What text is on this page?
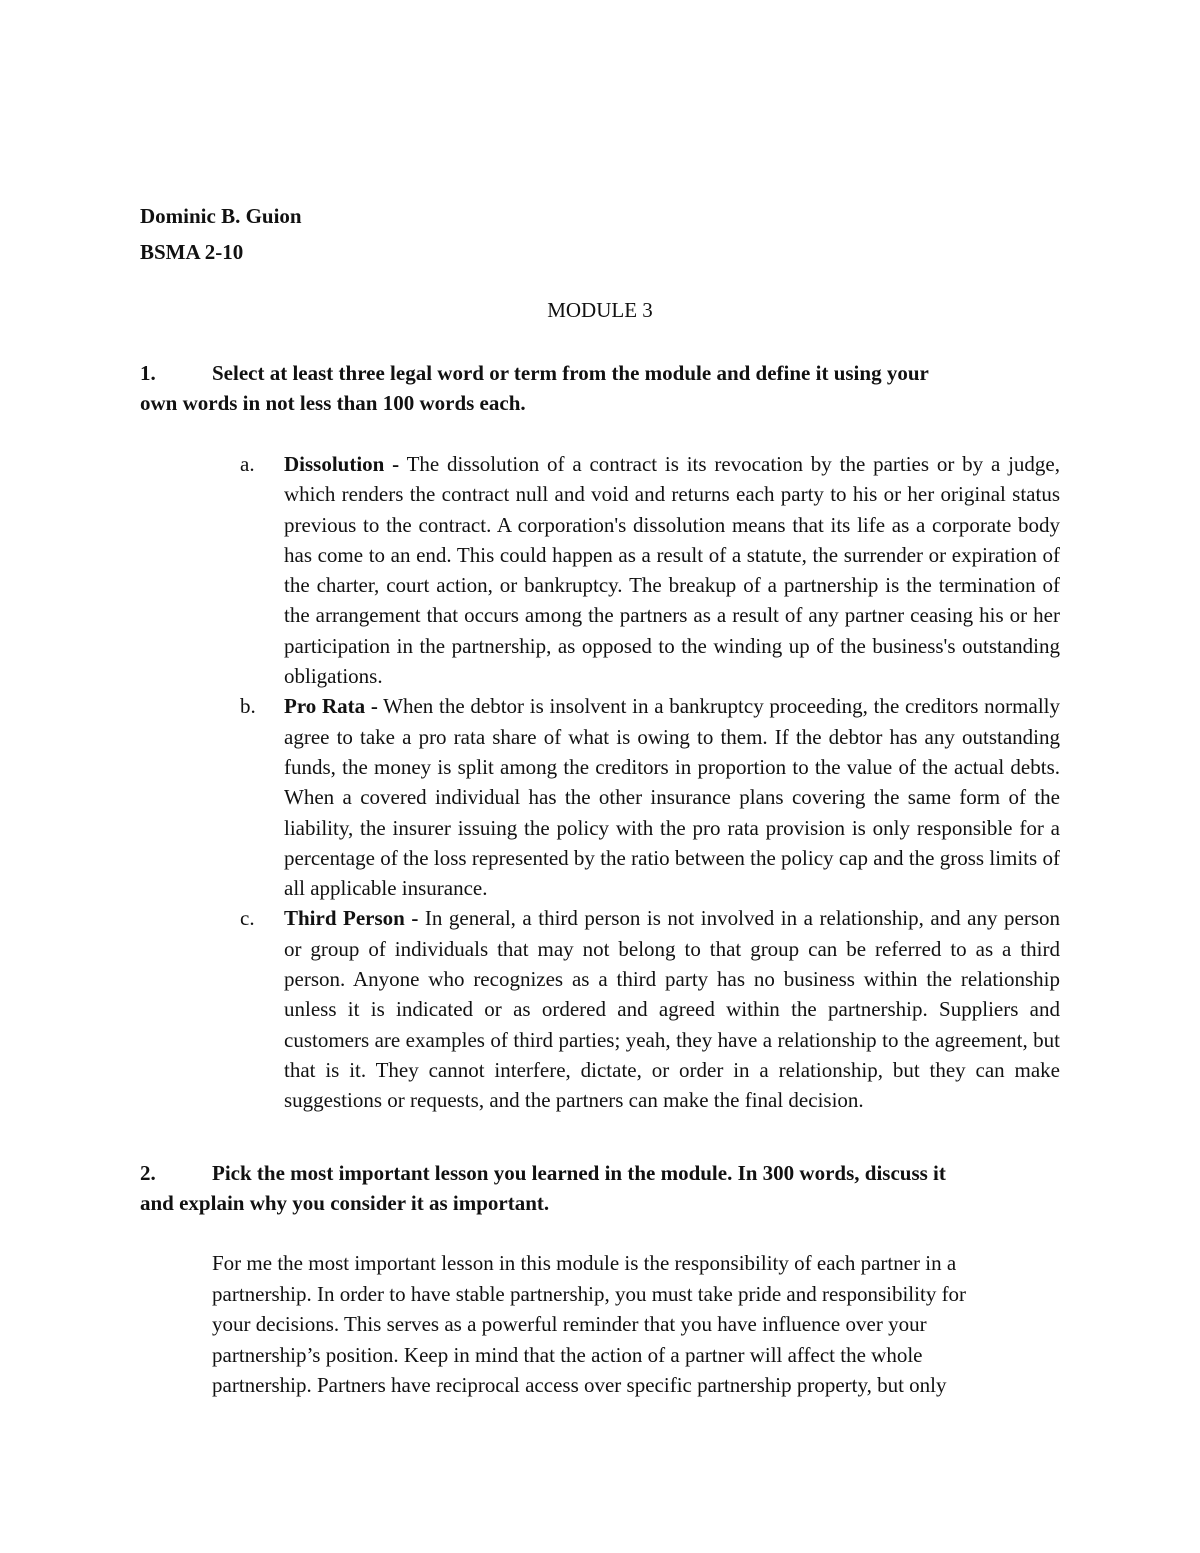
Dominic B. Guion
BSMA 2-10
MODULE 3
1.	Select at least three legal word or term from the module and define it using your
own words in not less than 100 words each.
a. Dissolution - The dissolution of a contract is its revocation by the parties or by a judge, which renders the contract null and void and returns each party to his or her original status previous to the contract. A corporation's dissolution means that its life as a corporate body has come to an end. This could happen as a result of a statute, the surrender or expiration of the charter, court action, or bankruptcy. The breakup of a partnership is the termination of the arrangement that occurs among the partners as a result of any partner ceasing his or her participation in the partnership, as opposed to the winding up of the business's outstanding obligations.
b. Pro Rata - When the debtor is insolvent in a bankruptcy proceeding, the creditors normally agree to take a pro rata share of what is owing to them. If the debtor has any outstanding funds, the money is split among the creditors in proportion to the value of the actual debts. When a covered individual has the other insurance plans covering the same form of the liability, the insurer issuing the policy with the pro rata provision is only responsible for a percentage of the loss represented by the ratio between the policy cap and the gross limits of all applicable insurance.
c. Third Person - In general, a third person is not involved in a relationship, and any person or group of individuals that may not belong to that group can be referred to as a third person. Anyone who recognizes as a third party has no business within the relationship unless it is indicated or as ordered and agreed within the partnership. Suppliers and customers are examples of third parties; yeah, they have a relationship to the agreement, but that is it. They cannot interfere, dictate, or order in a relationship, but they can make suggestions or requests, and the partners can make the final decision.
2.	Pick the most important lesson you learned in the module. In 300 words, discuss it
and explain why you consider it as important.
For me the most important lesson in this module is the responsibility of each partner in a
partnership. In order to have stable partnership, you must take pride and responsibility for
your decisions. This serves as a powerful reminder that you have influence over your
partnership’s position. Keep in mind that the action of a partner will affect the whole
partnership. Partners have reciprocal access over specific partnership property, but only
